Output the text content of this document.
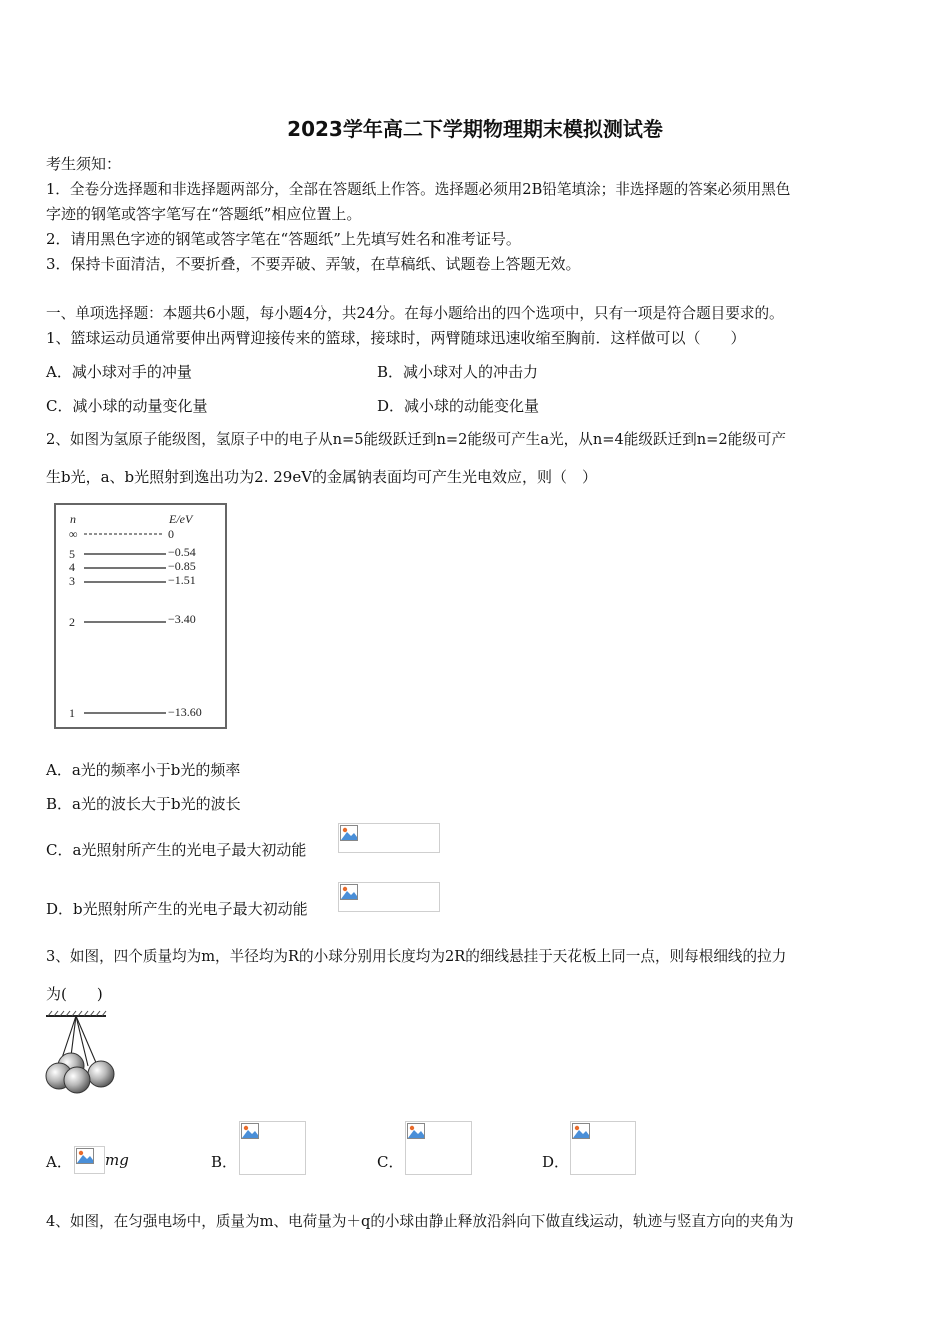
2023学年高二下学期物理期末模拟测试卷
考生须知：
1．全卷分选择题和非选择题两部分，全部在答题纸上作答。选择题必须用2B铅笔填涂；非选择题的答案必须用黑色
字迹的钢笔或答字笔写在“答题纸”相应位置上。
2．请用黑色字迹的钢笔或答字笔在“答题纸”上先填写姓名和准考证号。
3．保持卡面清洁，不要折叠，不要弄破、弄皱，在草稿纸、试题卷上答题无效。
一、单项选择题：本题共6小题，每小题4分，共24分。在每小题给出的四个选项中，只有一项是符合题目要求的。
1、篮球运动员通常要伸出两臂迎接传来的篮球，接球时，两臂随球迅速收缩至胸前．这样做可以（　　）
A．减小球对手的冲量	B．减小球对人的冲击力
C．减小球的动量变化量	D．减小球的动能变化量
2、如图为氢原子能级图，氢原子中的电子从n=5能级跃迁到n=2能级可产生a光，从n=4能级跃迁到n=2能级可产
生b光，a、b光照射到逸出功为2. 29eV的金属钠表面均可产生光电效应，则（　）
n	E/eV
∞	0
5	−0.54
4	−0.85
3	−1.51
2	−3.40
1	−13.60
A．a光的频率小于b光的频率
B．a光的波长大于b光的波长
C．a光照射所产生的光电子最大初动能
D．b光照射所产生的光电子最大初动能
3、如图，四个质量均为m，半径均为R的小球分别用长度均为2R的细线悬挂于天花板上同一点，则每根细线的拉力
为(　　)
A． mg	B．	C．	D．
4、如图，在匀强电场中，质量为m、电荷量为＋q的小球由静止释放沿斜向下做直线运动，轨迹与竖直方向的夹角为
